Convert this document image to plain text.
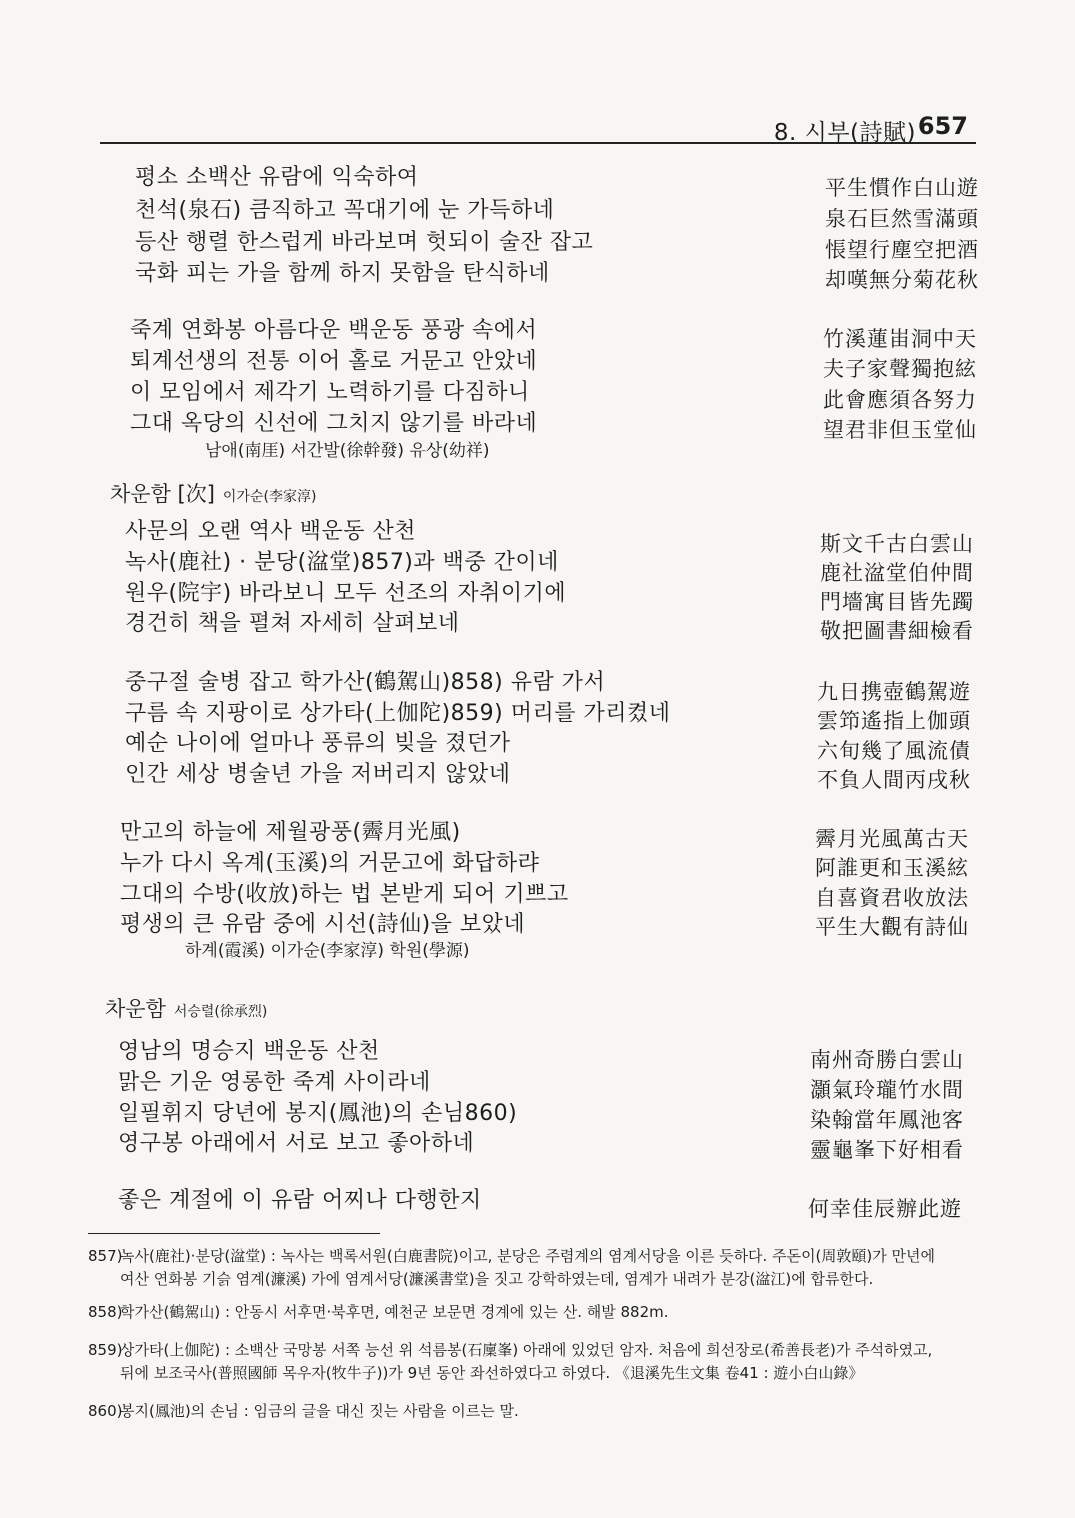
8. 시부(詩賦) 657
평소 소백산 유람에 익숙하여
천석(泉石) 큼직하고 꼭대기에 눈 가득하네
등산 행렬 한스럽게 바라보며 헛되이 술잔 잡고
국화 피는 가을 함께 하지 못함을 탄식하네
죽계 연화봉 아름다운 백운동 풍광 속에서
퇴계선생의 전통 이어 홀로 거문고 안았네
이 모임에서 제각기 노력하기를 다짐하니
그대 옥당의 신선에 그치지 않기를 바라네
平生慣作白山遊
泉石巨然雪滿頭
悵望行塵空把酒
却嘆無分菊花秋
竹溪蓮峀洞中天
夫子家聲獨抱絃
此會應須各努力
望君非但玉堂仙
남애(南厓) 서간발(徐幹發) 유상(幼祥)
차운함 [次] 이가순(李家淳)
사문의 오랜 역사 백운동 산천
녹사(鹿社) · 분당(湓堂)857)과 백중 간이네
원우(院宇) 바라보니 모두 선조의 자취이기에
경건히 책을 펼쳐 자세히 살펴보네
중구절 술병 잡고 학가산(鶴駕山)858) 유람 가서
구름 속 지팡이로 상가타(上伽陀)859) 머리를 가리켰네
예순 나이에 얼마나 풍류의 빚을 졌던가
인간 세상 병술년 가을 저버리지 않았네
만고의 하늘에 제월광풍(霽月光風)
누가 다시 옥계(玉溪)의 거문고에 화답하랴
그대의 수방(收放)하는 법 본받게 되어 기쁘고
평생의 큰 유람 중에 시선(詩仙)을 보았네
斯文千古白雲山
鹿社湓堂伯仲間
門墻寓目皆先躅
敬把圖書細檢看
九日携壺鶴駕遊
雲笻遙指上伽頭
六旬幾了風流債
不負人間丙戌秋
霽月光風萬古天
阿誰更和玉溪絃
自喜資君收放法
平生大觀有詩仙
하계(霞溪) 이가순(李家淳) 학원(學源)
차운함 서승렬(徐承烈)
영남의 명승지 백운동 산천
맑은 기운 영롱한 죽계 사이라네
일필휘지 당년에 봉지(鳳池)의 손님860)
영구봉 아래에서 서로 보고 좋아하네
좋은 계절에 이 유람 어찌나 다행한지
南州奇勝白雲山
灝氣玲瓏竹水間
染翰當年鳳池客
靈龜峯下好相看
何幸佳辰辦此遊
857)녹사(鹿社)·분당(湓堂) : 녹사는 백록서원(白鹿書院)이고, 분당은 주렴계의 염계서당을 이른 듯하다. 주돈이(周敦頤)가 만년에
여산 연화봉 기슭 염계(濂溪) 가에 염계서당(濂溪書堂)을 짓고 강학하였는데, 염계가 내려가 분강(湓江)에 합류한다.
858)학가산(鶴駕山) : 안동시 서후면·북후면, 예천군 보문면 경계에 있는 산. 해발 882m.
859)상가타(上伽陀) : 소백산 국망봉 서쪽 능선 위 석름봉(石廩峯) 아래에 있었던 암자. 처음에 희선장로(希善長老)가 주석하였고,
뒤에 보조국사(普照國師 목우자(牧牛子))가 9년 동안 좌선하였다고 하였다. 《退溪先生文集 卷41 : 遊小白山錄》
860)봉지(鳳池)의 손님 : 임금의 글을 대신 짓는 사람을 이르는 말.
